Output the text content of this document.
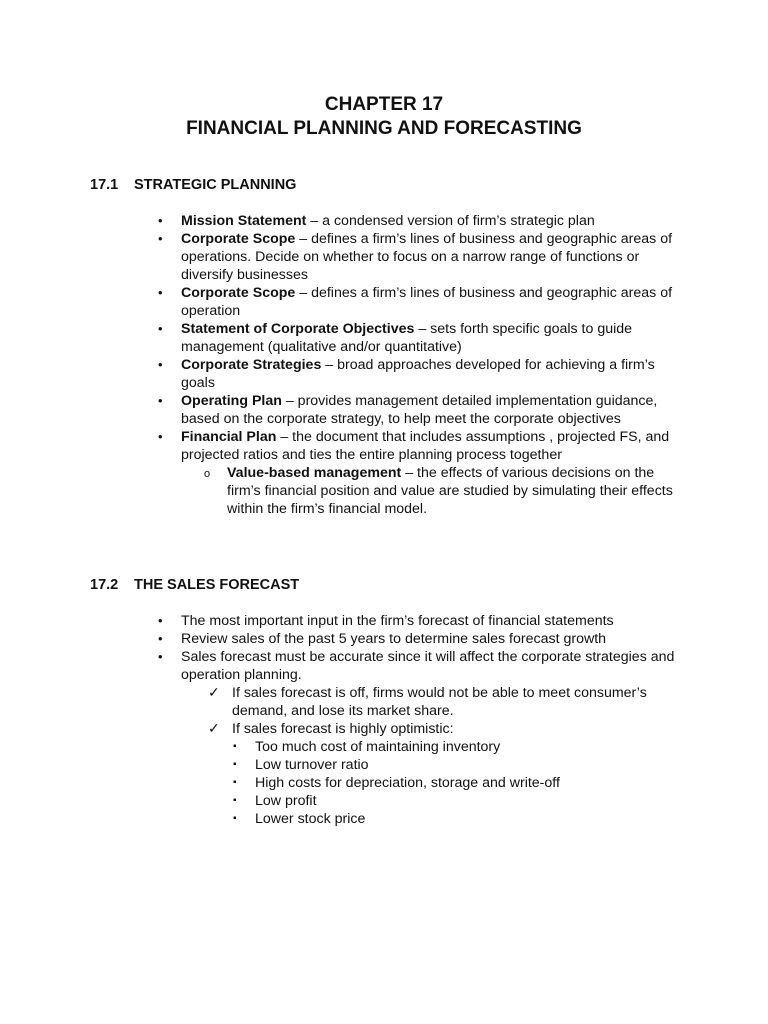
CHAPTER 17
FINANCIAL PLANNING AND FORECASTING
17.1 STRATEGIC PLANNING
• Mission Statement – a condensed version of firm’s strategic plan
• Corporate Scope – defines a firm’s lines of business and geographic areas of operations. Decide on whether to focus on a narrow range of functions or diversify businesses
• Corporate Scope – defines a firm’s lines of business and geographic areas of operation
• Statement of Corporate Objectives – sets forth specific goals to guide management (qualitative and/or quantitative)
• Corporate Strategies – broad approaches developed for achieving a firm’s goals
• Operating Plan – provides management detailed implementation guidance, based on the corporate strategy, to help meet the corporate objectives
• Financial Plan – the document that includes assumptions , projected FS, and projected ratios and ties the entire planning process together
o Value-based management – the effects of various decisions on the firm’s financial position and value are studied by simulating their effects within the firm’s financial model.
17.2 THE SALES FORECAST
• The most important input in the firm’s forecast of financial statements
• Review sales of the past 5 years to determine sales forecast growth
• Sales forecast must be accurate since it will affect the corporate strategies and operation planning.
✓ If sales forecast is off, firms would not be able to meet consumer’s demand, and lose its market share.
✓ If sales forecast is highly optimistic:
▪ Too much cost of maintaining inventory
▪ Low turnover ratio
▪ High costs for depreciation, storage and write-off
▪ Low profit
▪ Lower stock price
